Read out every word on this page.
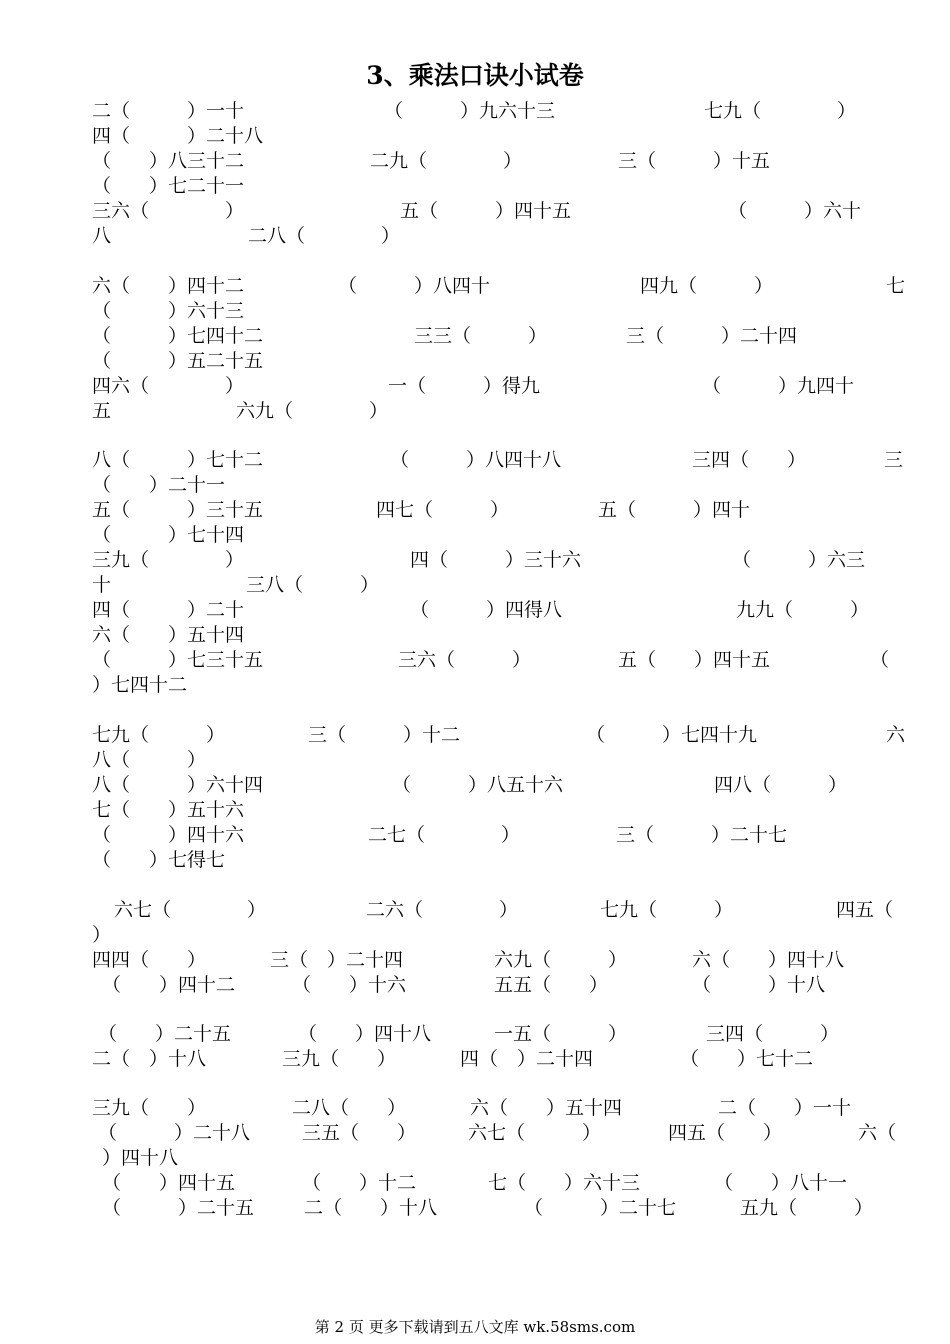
3、乘法口诀小试卷
二（　　　）一十	（　　　）九六十三	七九（　　　　）
四（　　　）二十八
（　　）八三十二	二九（　　　　）	三（　　　）十五
（　　）七二十一
三六（　　　　）	五（　　　）四十五	（　　　）六十
八	二八（　　　　）
六（　　）四十二	（　　　）八四十	四九（　　　）	七
（　　　）六十三
（　　　）七四十二	三三（　　　）	三（　　　）二十四
（　　　）五二十五
四六（　　　　）	一（　　　）得九	（　　　）九四十
五	六九（　　　　）
八（　　　）七十二	（　　　）八四十八	三四（　　）	三
（　　）二十一
五（　　　）三十五	四七（　　　）	五（　　　）四十
（　　　）七十四
三九（　　　　）	四（　　　）三十六	（　　　）六三
十	三八（　　　）
四（　　　）二十	（　　　）四得八	九九（　　　）
六（　　）五十四
（　　　）七三十五	三六（　　　）	五（　　）四十五	（
）七四十二
七九（　　　）	三（　　　）十二	（　　　）七四十九	六
八（　　　）
八（　　　）六十四	（　　　）八五十六	四八（　　　）
七（　　）五十六
（　　　）四十六	二七（　　　　）	三（　　　）二十七
（　　）七得七
六七（　　　　）	二六（　　　　）	七九（　　　）	四五（
）
四四（　　）	三（　）二十四	六九（　　　）	六（　　）四十八
（　　）四十二	（　　）十六	五五（　　）	（　　　）十八
（　　）二十五	（　　）四十八	一五（　　　）	三四（　　　）
二（　）十八	三九（　　）	四（　）二十四	（　　）七十二
三九（　　）	二八（　　）	六（　　）五十四	二（　　）一十
（　　　）二十八	三五（　　）	六七（　　　）	四五（　　）	六（
）四十八
（　　）四十五	（　　）十二	七（　　）六十三	（　　）八十一
（　　　）二十五	二（　　）十八	（　　　）二十七	五九（　　　）
第 2 页 更多下载请到五八文库 wk.58sms.com
